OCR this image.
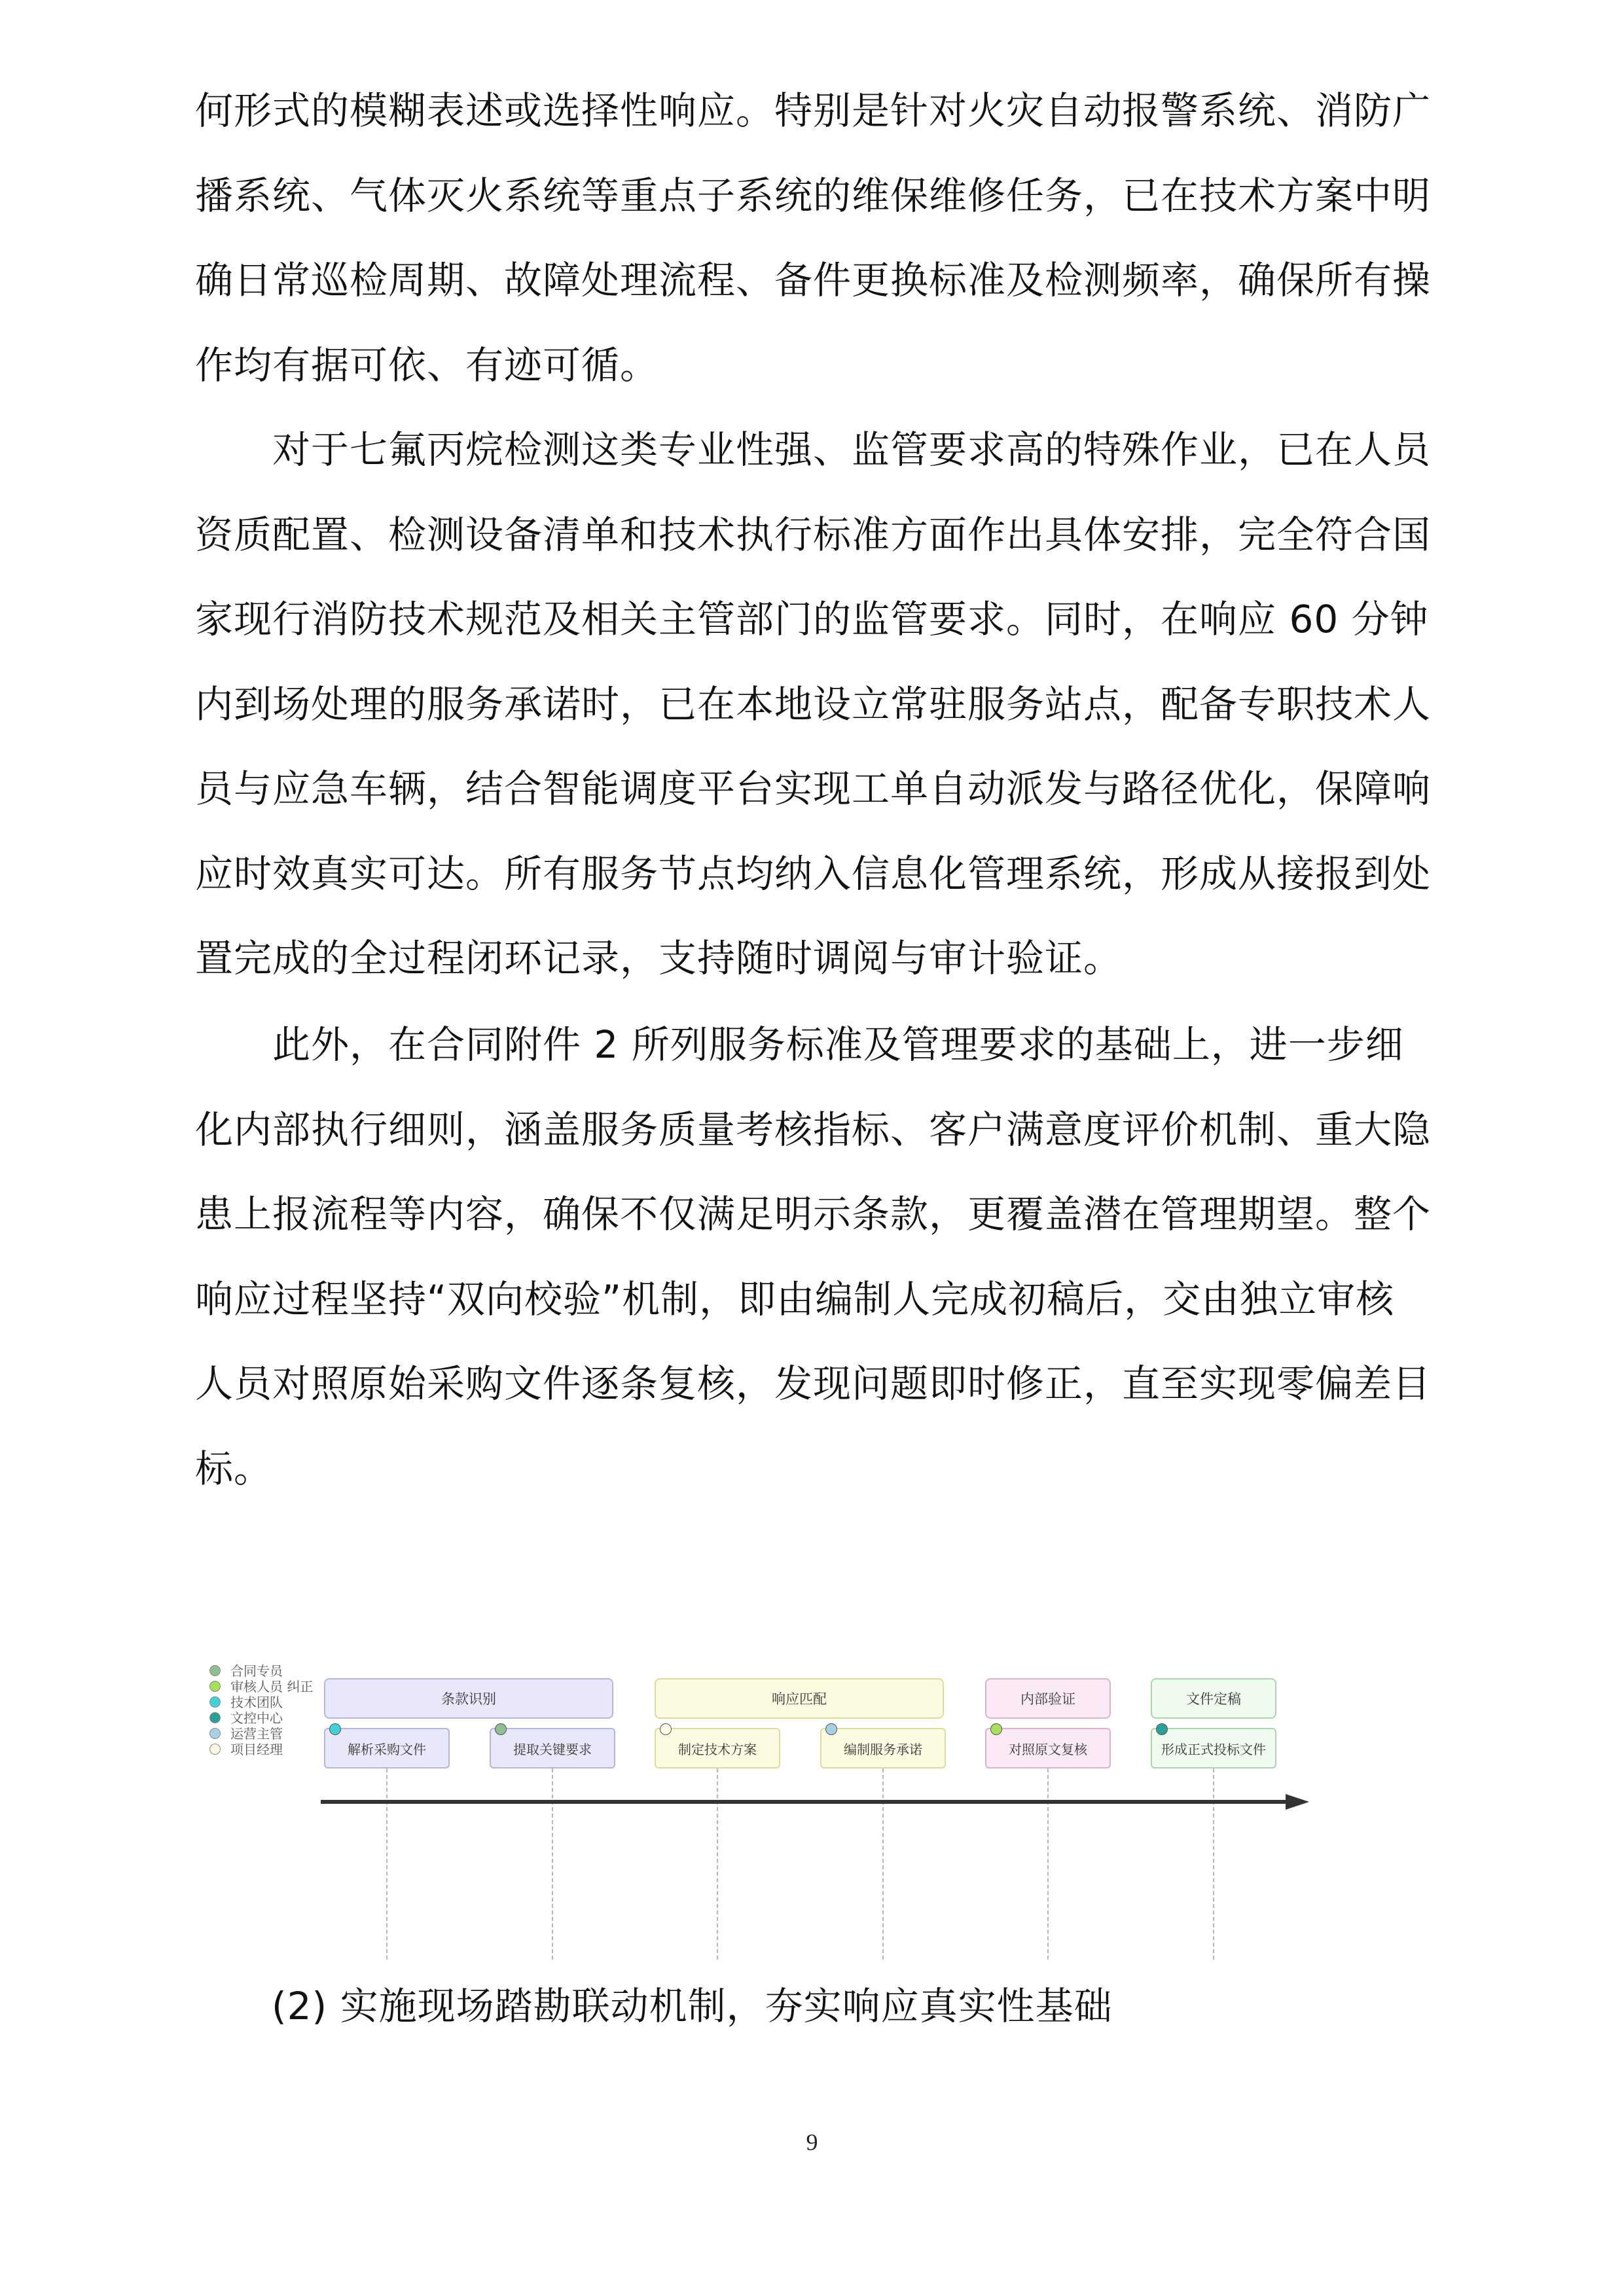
何形式的模糊表述或选择性响应。特别是针对火灾自动报警系统、消防广播系统、气体灭火系统等重点子系统的维保维修任务，已在技术方案中明确日常巡检周期、故障处理流程、备件更换标准及检测频率，确保所有操作均有据可依、有迹可循。

对于七氟丙烷检测这类专业性强、监管要求高的特殊作业，已在人员资质配置、检测设备清单和技术执行标准方面作出具体安排，完全符合国家现行消防技术规范及相关主管部门的监管要求。同时，在响应 60 分钟内到场处理的服务承诺时，已在本地设立常驻服务站点，配备专职技术人员与应急车辆，结合智能调度平台实现工单自动派发与路径优化，保障响应时效真实可达。所有服务节点均纳入信息化管理系统，形成从接报到处置完成的全过程闭环记录，支持随时调阅与审计验证。

此外，在合同附件 2 所列服务标准及管理要求的基础上，进一步细化内部执行细则，涵盖服务质量考核指标、客户满意度评价机制、重大隐患上报流程等内容，确保不仅满足明示条款，更覆盖潜在管理期望。整个响应过程坚持“双向校验”机制，即由编制人完成初稿后，交由独立审核人员对照原始采购文件逐条复核，发现问题即时修正，直至实现零偏差目标。

合同专员
审核人员 纠正
技术团队
文控中心
运营主管
项目经理
条款识别	响应匹配	内部验证	文件定稿
解析采购文件	提取关键要求	制定技术方案	编制服务承诺	对照原文复核	形成正式投标文件
(2) 实施现场踏勘联动机制，夯实响应真实性基础
9
